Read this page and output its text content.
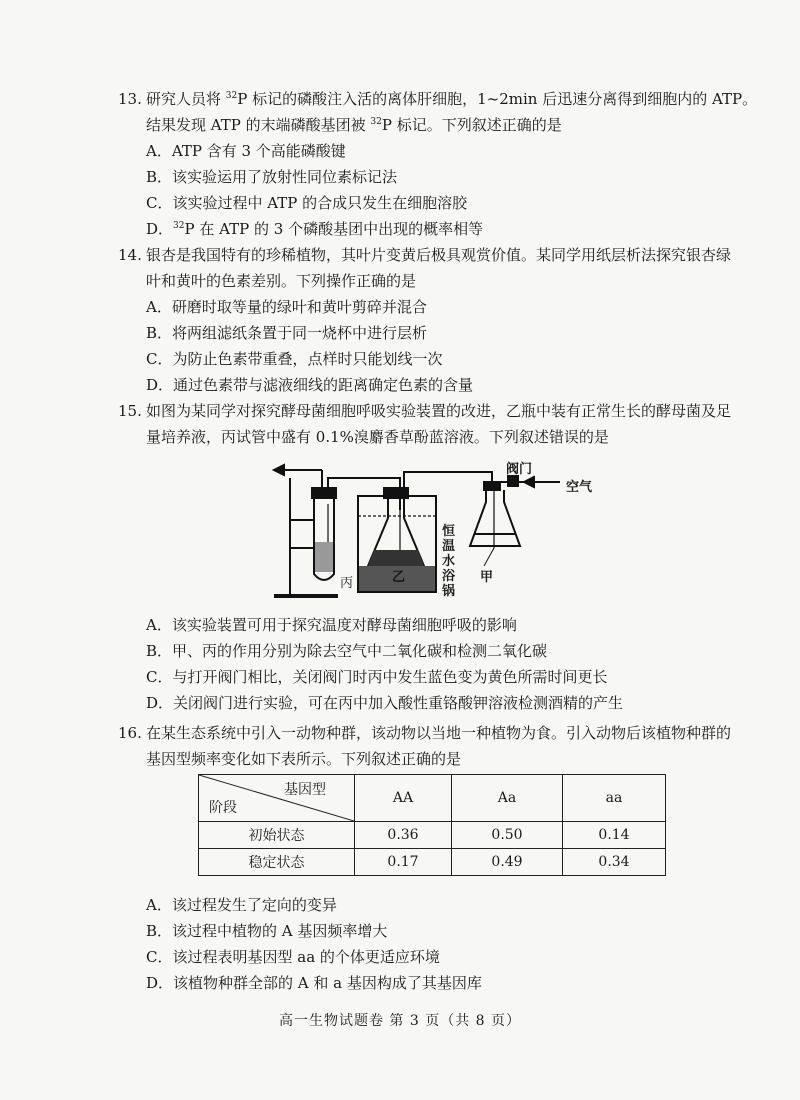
13. 研究人员将 $^{32}$P 标记的磷酸注入活的离体肝细胞，1~2min 后迅速分离得到细胞内的 ATP。
结果发现 ATP 的末端磷酸基团被 $^{32}$P 标记。下列叙述正确的是
A．ATP 含有 3 个高能磷酸键
B．该实验运用了放射性同位素标记法
C．该实验过程中 ATP 的合成只发生在细胞溶胶
D．$^{32}$P 在 ATP 的 3 个磷酸基团中出现的概率相等
14. 银杏是我国特有的珍稀植物，其叶片变黄后极具观赏价值。某同学用纸层析法探究银杏绿
叶和黄叶的色素差别。下列操作正确的是
A．研磨时取等量的绿叶和黄叶剪碎并混合
B．将两组滤纸条置于同一烧杯中进行层析
C．为防止色素带重叠，点样时只能划线一次
D．通过色素带与滤液细线的距离确定色素的含量
15. 如图为某同学对探究酵母菌细胞呼吸实验装置的改进，乙瓶中装有正常生长的酵母菌及足
量培养液，丙试管中盛有 0.1%溴麝香草酚蓝溶液。下列叙述错误的是
阀门
空气
恒
温
水
浴
锅
甲
乙
丙
A．该实验装置可用于探究温度对酵母菌细胞呼吸的影响
B．甲、丙的作用分别为除去空气中二氧化碳和检测二氧化碳
C．与打开阀门相比，关闭阀门时丙中发生蓝色变为黄色所需时间更长
D．关闭阀门进行实验，可在丙中加入酸性重铬酸钾溶液检测酒精的产生
16. 在某生态系统中引入一动物种群，该动物以当地一种植物为食。引入动物后该植物种群的
基因型频率变化如下表所示。下列叙述正确的是
基因型
阶段	AA	Aa	aa
初始状态	0.36	0.50	0.14
稳定状态	0.17	0.49	0.34
A．该过程发生了定向的变异
B．该过程中植物的 A 基因频率增大
C．该过程表明基因型 aa 的个体更适应环境
D．该植物种群全部的 A 和 a 基因构成了其基因库
高一生物试题卷 第 3 页（共 8 页）
